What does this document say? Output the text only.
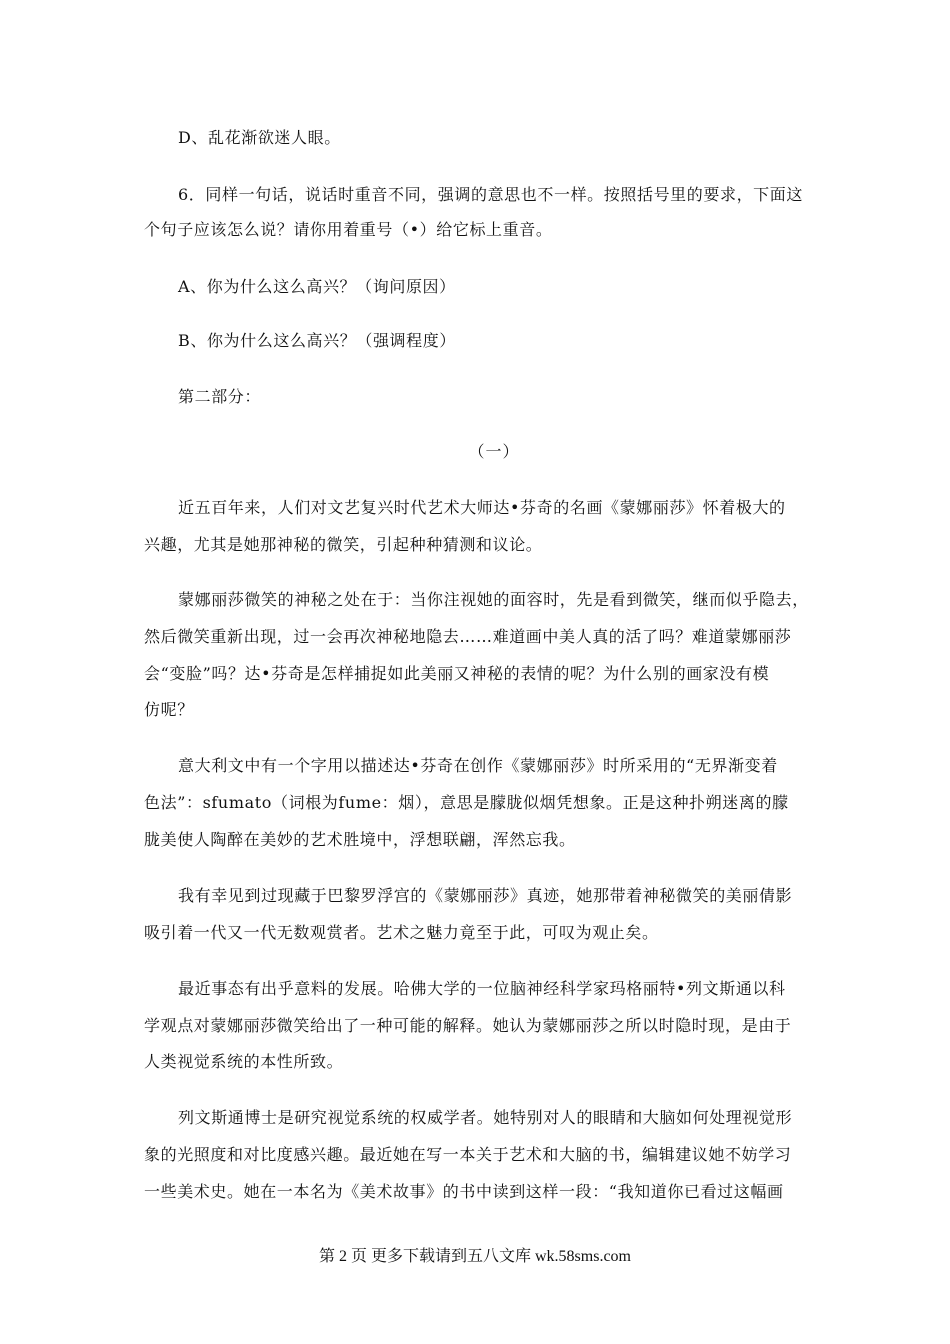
D、乱花渐欲迷人眼。
6．同样一句话，说话时重音不同，强调的意思也不一样。按照括号里的要求，下面这
个句子应该怎么说？请你用着重号（•）给它标上重音。
A、你为什么这么高兴？（询问原因）
B、你为什么这么高兴？（强调程度）
第二部分：
（一）
近五百年来，人们对文艺复兴时代艺术大师达•芬奇的名画《蒙娜丽莎》怀着极大的
兴趣，尤其是她那神秘的微笑，引起种种猜测和议论。
蒙娜丽莎微笑的神秘之处在于：当你注视她的面容时，先是看到微笑，继而似乎隐去，
然后微笑重新出现，过一会再次神秘地隐去……难道画中美人真的活了吗？难道蒙娜丽莎
会“变脸”吗？达•芬奇是怎样捕捉如此美丽又神秘的表情的呢？为什么别的画家没有模
仿呢？
意大利文中有一个字用以描述达•芬奇在创作《蒙娜丽莎》时所采用的“无界渐变着
色法”：sfumato（词根为fume：烟），意思是朦胧似烟凭想象。正是这种扑朔迷离的朦
胧美使人陶醉在美妙的艺术胜境中，浮想联翩，浑然忘我。
我有幸见到过现藏于巴黎罗浮宫的《蒙娜丽莎》真迹，她那带着神秘微笑的美丽倩影
吸引着一代又一代无数观赏者。艺术之魅力竟至于此，可叹为观止矣。
最近事态有出乎意料的发展。哈佛大学的一位脑神经科学家玛格丽特•列文斯通以科
学观点对蒙娜丽莎微笑给出了一种可能的解释。她认为蒙娜丽莎之所以时隐时现，是由于
人类视觉系统的本性所致。
列文斯通博士是研究视觉系统的权威学者。她特别对人的眼睛和大脑如何处理视觉形
象的光照度和对比度感兴趣。最近她在写一本关于艺术和大脑的书，编辑建议她不妨学习
一些美术史。她在一本名为《美术故事》的书中读到这样一段：“我知道你已看过这幅画
第 2 页 更多下载请到五八文库 wk.58sms.com
